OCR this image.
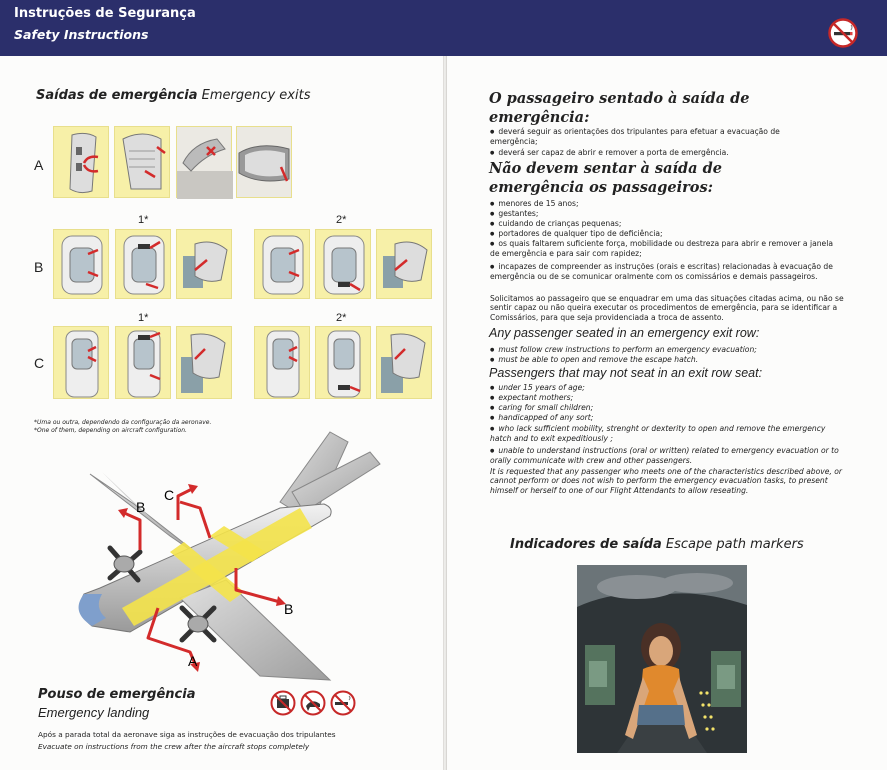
Instruções de Segurança
Safety Instructions
Saídas de emergência Emergency exits
A
B
C
1*	2*
1*	2*
*Uma ou outra, dependendo da configuração da aeronave.
*One of them, depending on aircraft configuration.
B
C
B
A
Pouso de emergência
Emergency landing
Após a parada total da aeronave siga as instruções de evacuação dos tripulantes
Evacuate on instructions from the crew after the aircraft stops completely
O passageiro sentado à saída de emergência:
● deverá seguir as orientações dos tripulantes para efetuar a evacuação de emergência;
● deverá ser capaz de abrir e remover a porta de emergência.
Não devem sentar à saída de emergência os passageiros:
● menores de 15 anos;
● gestantes;
● cuidando de crianças pequenas;
● portadores de qualquer tipo de deficiência;
● os quais faltarem suficiente força, mobilidade ou destreza para abrir e remover a janela de emergência e para sair com rapidez;
● incapazes de compreender as instruções (orais e escritas) relacionadas à evacuação de emergência ou de se comunicar oralmente com os comissários e demais passageiros.
Solicitamos ao passageiro que se enquadrar em uma das situações citadas acima, ou não se sentir capaz ou não queira executar os procedimentos de emergência, para se identificar a Comissários, para que seja providenciada a troca de assento.
Any passenger seated in an emergency exit row:
● must follow crew instructions to perform an emergency evacuation;
● must be able to open and remove the escape hatch.
Passengers that may not seat in an exit row seat:
● under 15 years of age;
● expectant mothers;
● caring for small children;
● handicapped of any sort;
● who lack sufficient mobility, strenght or dexterity to open and remove the emergency hatch and to exit expeditiously ;
● unable to understand instructions (oral or written) related to emergency evacuation or to orally communicate with crew and other passengers.
It is requested that any passenger who meets one of the characteristics described above, or cannot perform or does not wish to perform the emergency evacuation tasks, to present himself or herself to one of our Flight Attendants to allow reseating.
Indicadores de saída Escape path markers
